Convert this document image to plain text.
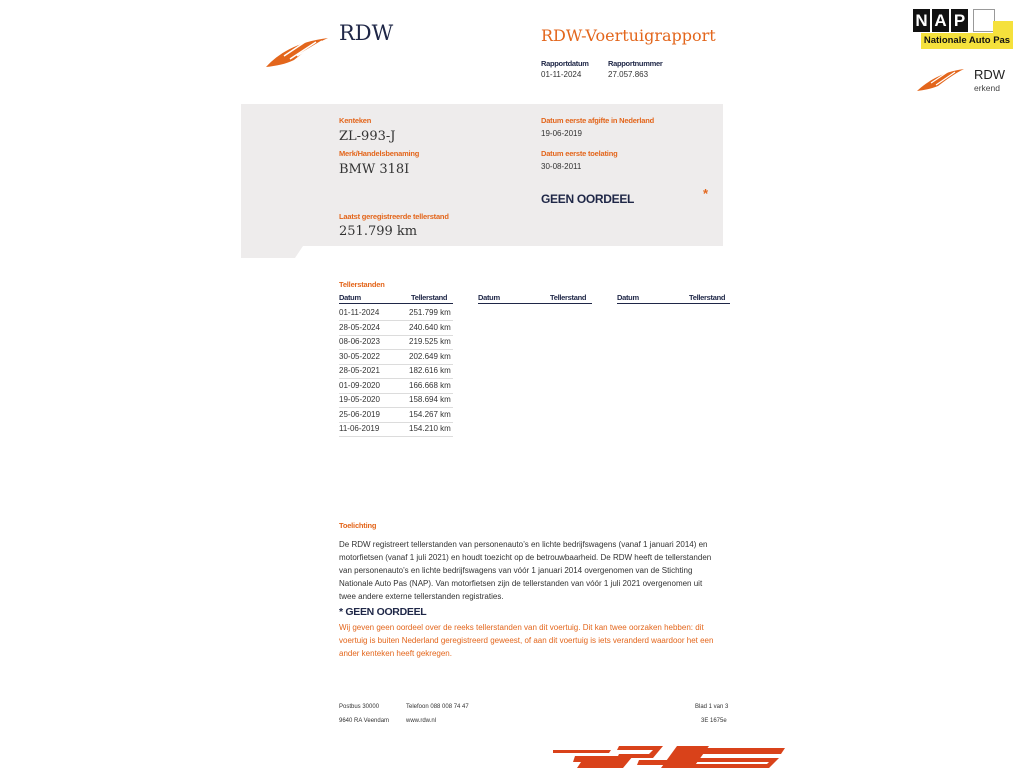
RDW	RDW-Voertuigrapport
Rapportdatum
01-11-2024
Rapportnummer
27.057.863
N A P
Nationale Auto Pas
RDW
erkend
Kenteken
ZL-993-J
Merk/Handelsbenaming
BMW 318I
Laatst geregistreerde tellerstand
251.799 km
Datum eerste afgifte in Nederland
19-06-2019
Datum eerste toelating
30-08-2011
GEEN OORDEEL	*
Tellerstanden
Datum	Tellerstand	Datum	Tellerstand	Datum	Tellerstand
01-11-2024	251.799 km
28-05-2024	240.640 km
08-06-2023	219.525 km
30-05-2022	202.649 km
28-05-2021	182.616 km
01-09-2020	166.668 km
19-05-2020	158.694 km
25-06-2019	154.267 km
11-06-2019	154.210 km
Toelichting
De RDW registreert tellerstanden van personenauto’s en lichte bedrijfswagens (vanaf 1 januari 2014) en
motorfietsen (vanaf 1 juli 2021) en houdt toezicht op de betrouwbaarheid. De RDW heeft de tellerstanden
van personenauto’s en lichte bedrijfswagens van vóór 1 januari 2014 overgenomen van de Stichting
Nationale Auto Pas (NAP). Van motorfietsen zijn de tellerstanden van vóór 1 juli 2021 overgenomen uit
twee andere externe tellerstanden registraties.
* GEEN OORDEEL
Wij geven geen oordeel over de reeks tellerstanden van dit voertuig. Dit kan twee oorzaken hebben: dit
voertuig is buiten Nederland geregistreerd geweest, of aan dit voertuig is iets veranderd waardoor het een
ander kenteken heeft gekregen.
Postbus 30000	Telefoon 088 008 74 47	Blad 1 van 3
9640 RA Veendam	www.rdw.nl	3E 1675e
